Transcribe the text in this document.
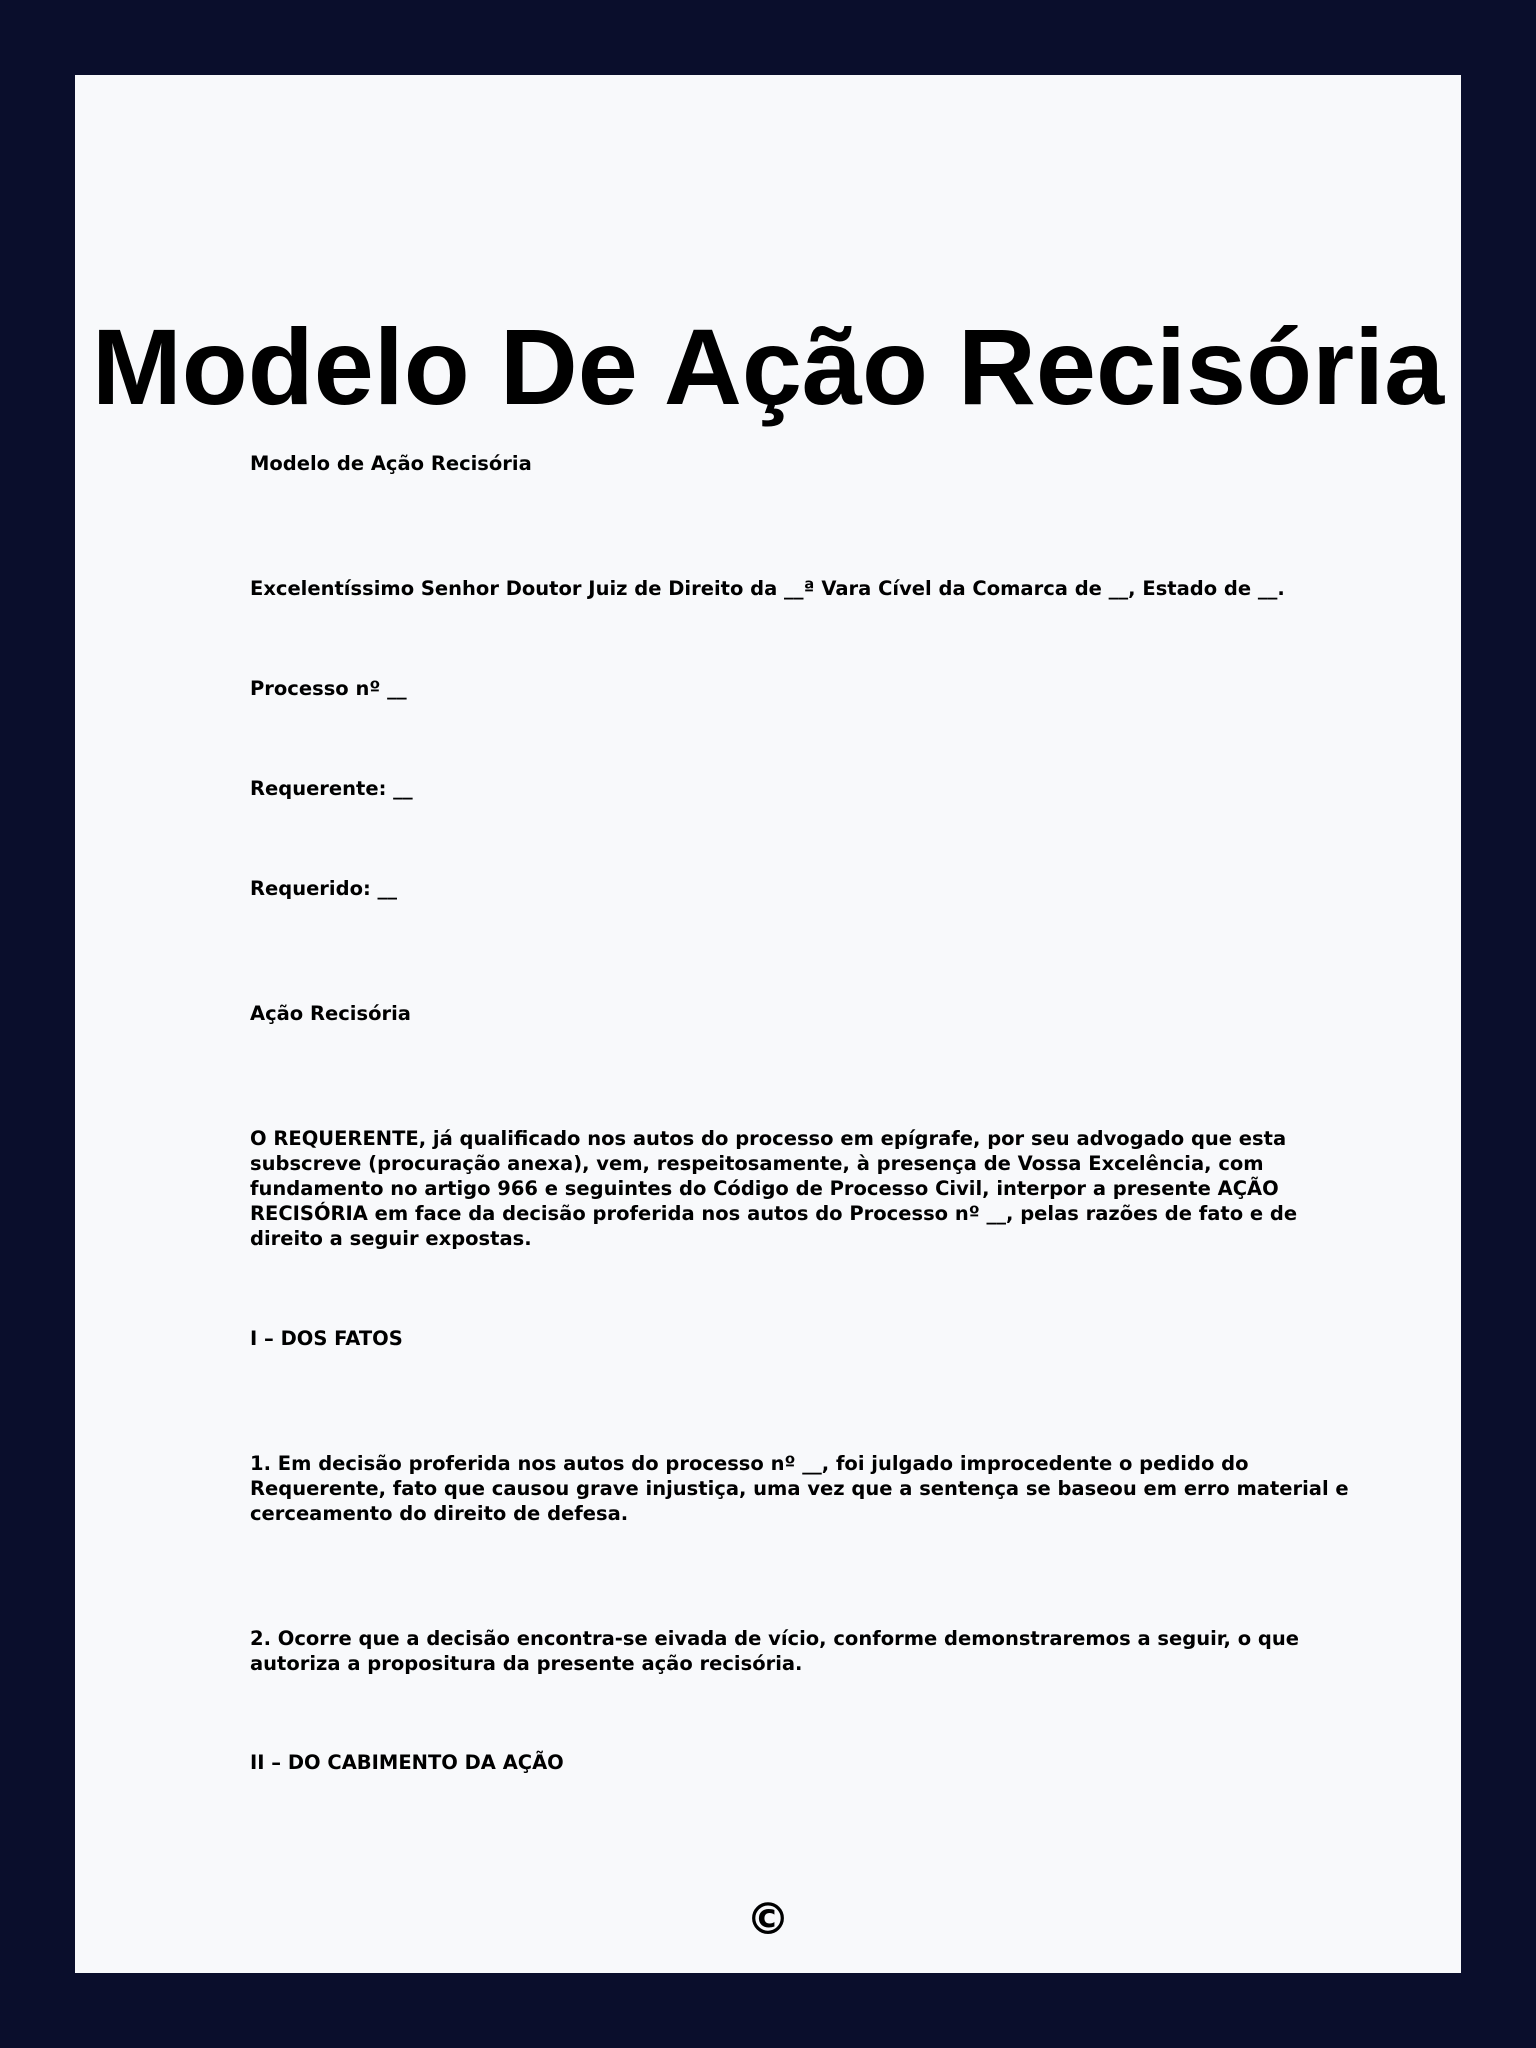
Modelo De Ação Recisória

Modelo de Ação Recisória

Excelentíssimo Senhor Doutor Juiz de Direito da __ª Vara Cível da Comarca de __, Estado de __.

Processo nº __

Requerente: __

Requerido: __

Ação Recisória

O REQUERENTE, já qualificado nos autos do processo em epígrafe, por seu advogado que esta subscreve (procuração anexa), vem, respeitosamente, à presença de Vossa Excelência, com fundamento no artigo 966 e seguintes do Código de Processo Civil, interpor a presente AÇÃO RECISÓRIA em face da decisão proferida nos autos do Processo nº __, pelas razões de fato e de direito a seguir expostas.

I – DOS FATOS

1. Em decisão proferida nos autos do processo nº __, foi julgado improcedente o pedido do Requerente, fato que causou grave injustiça, uma vez que a sentença se baseou em erro material e cerceamento do direito de defesa.

2. Ocorre que a decisão encontra-se eivada de vício, conforme demonstraremos a seguir, o que autoriza a propositura da presente ação recisória.

II – DO CABIMENTO DA AÇÃO

©
